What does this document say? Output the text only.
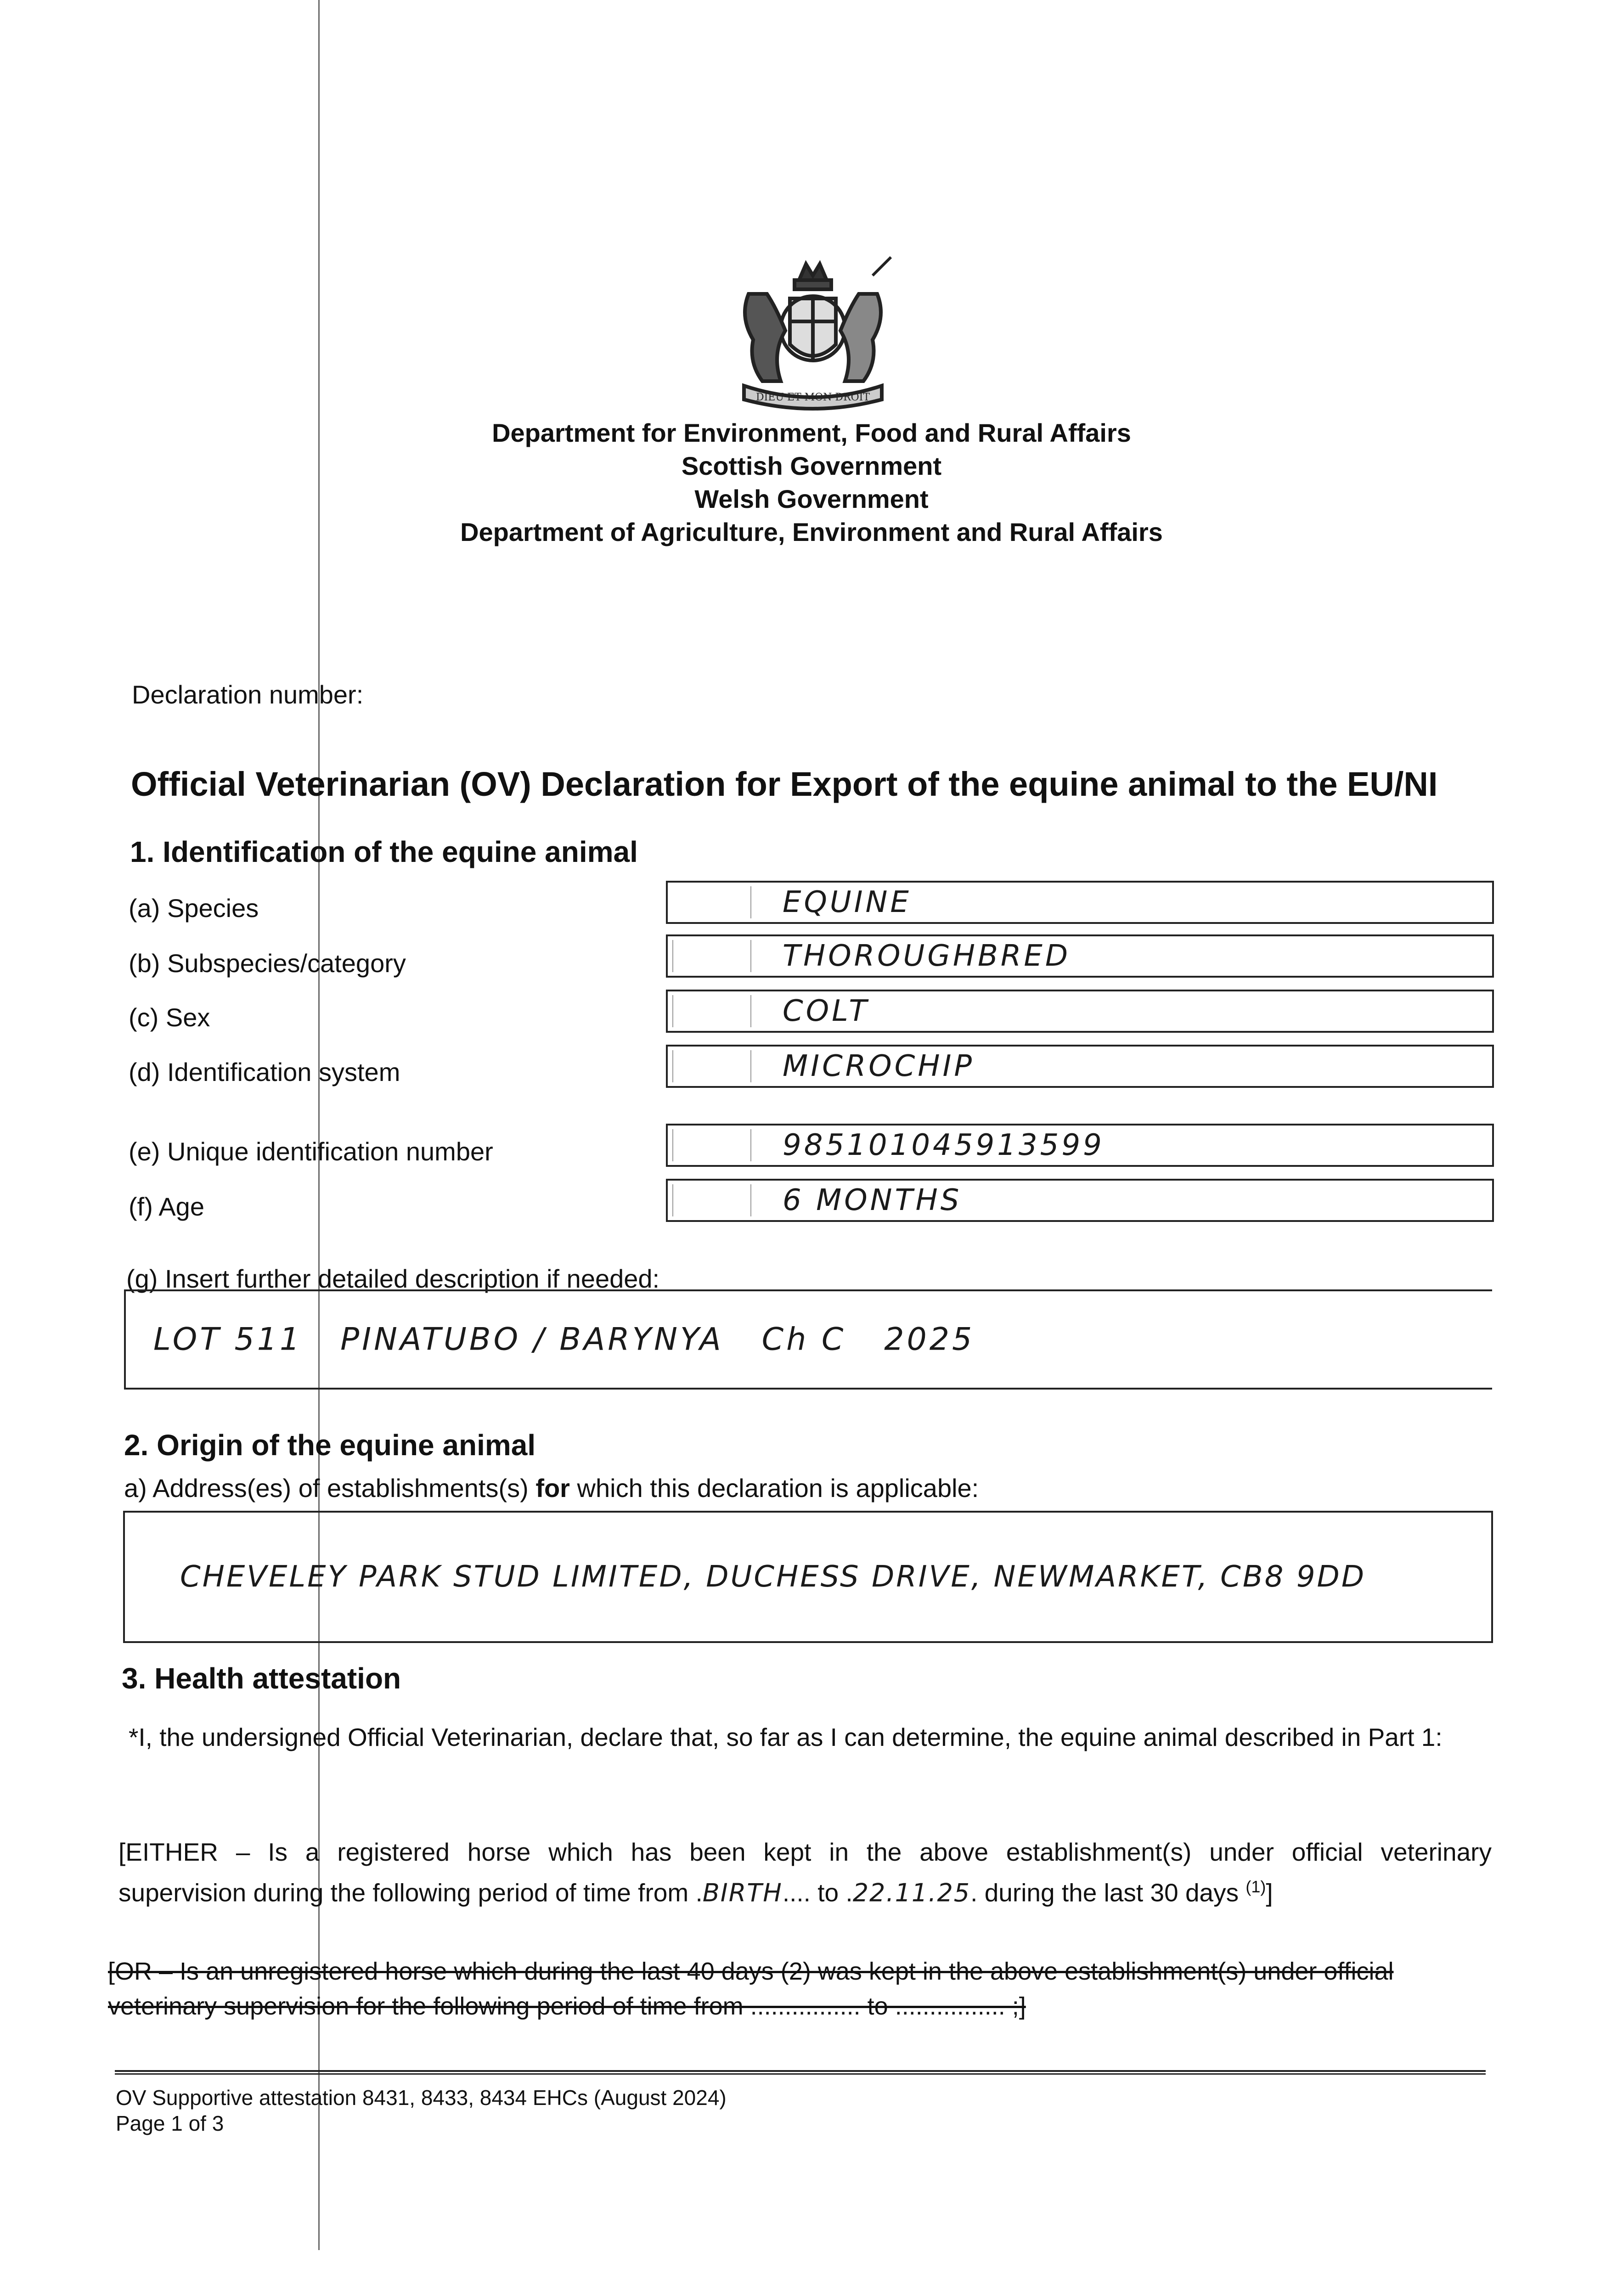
DIEU ET MON DROIT
Department for Environment, Food and Rural Affairs
Scottish Government
Welsh Government
Department of Agriculture, Environment and Rural Affairs
Declaration number:
Official Veterinarian (OV) Declaration for Export of the equine animal to the EU/NI
1. Identification of the equine animal
(a) Species	EQUINE
(b) Subspecies/category	THOROUGHBRED
(c) Sex	COLT
(d) Identification system	MICROCHIP
(e) Unique identification number	985101045913599
(f) Age	6 MONTHS
(g) Insert further detailed description if needed:
LOT 511   PINATUBO / BARYNYA   Ch C   2025
2. Origin of the equine animal
a) Address(es) of establishments(s) for which this declaration is applicable:
CHEVELEY PARK STUD LIMITED, DUCHESS DRIVE, NEWMARKET, CB8 9DD
3. Health attestation
*I, the undersigned Official Veterinarian, declare that, so far as I can determine, the equine animal described in Part 1:
[EITHER – Is a registered horse which has been kept in the above establishment(s) under official veterinary
supervision during the following period of time from .BIRTH.... to .22.11.25. during the last 30 days $^{(1)}$]
[OR – Is an unregistered horse which during the last 40 days (2) was kept in the above establishment(s) under official
veterinary supervision for the following period of time from ................ to ................ ;]
OV Supportive attestation 8431, 8433, 8434 EHCs (August 2024)
Page 1 of 3
